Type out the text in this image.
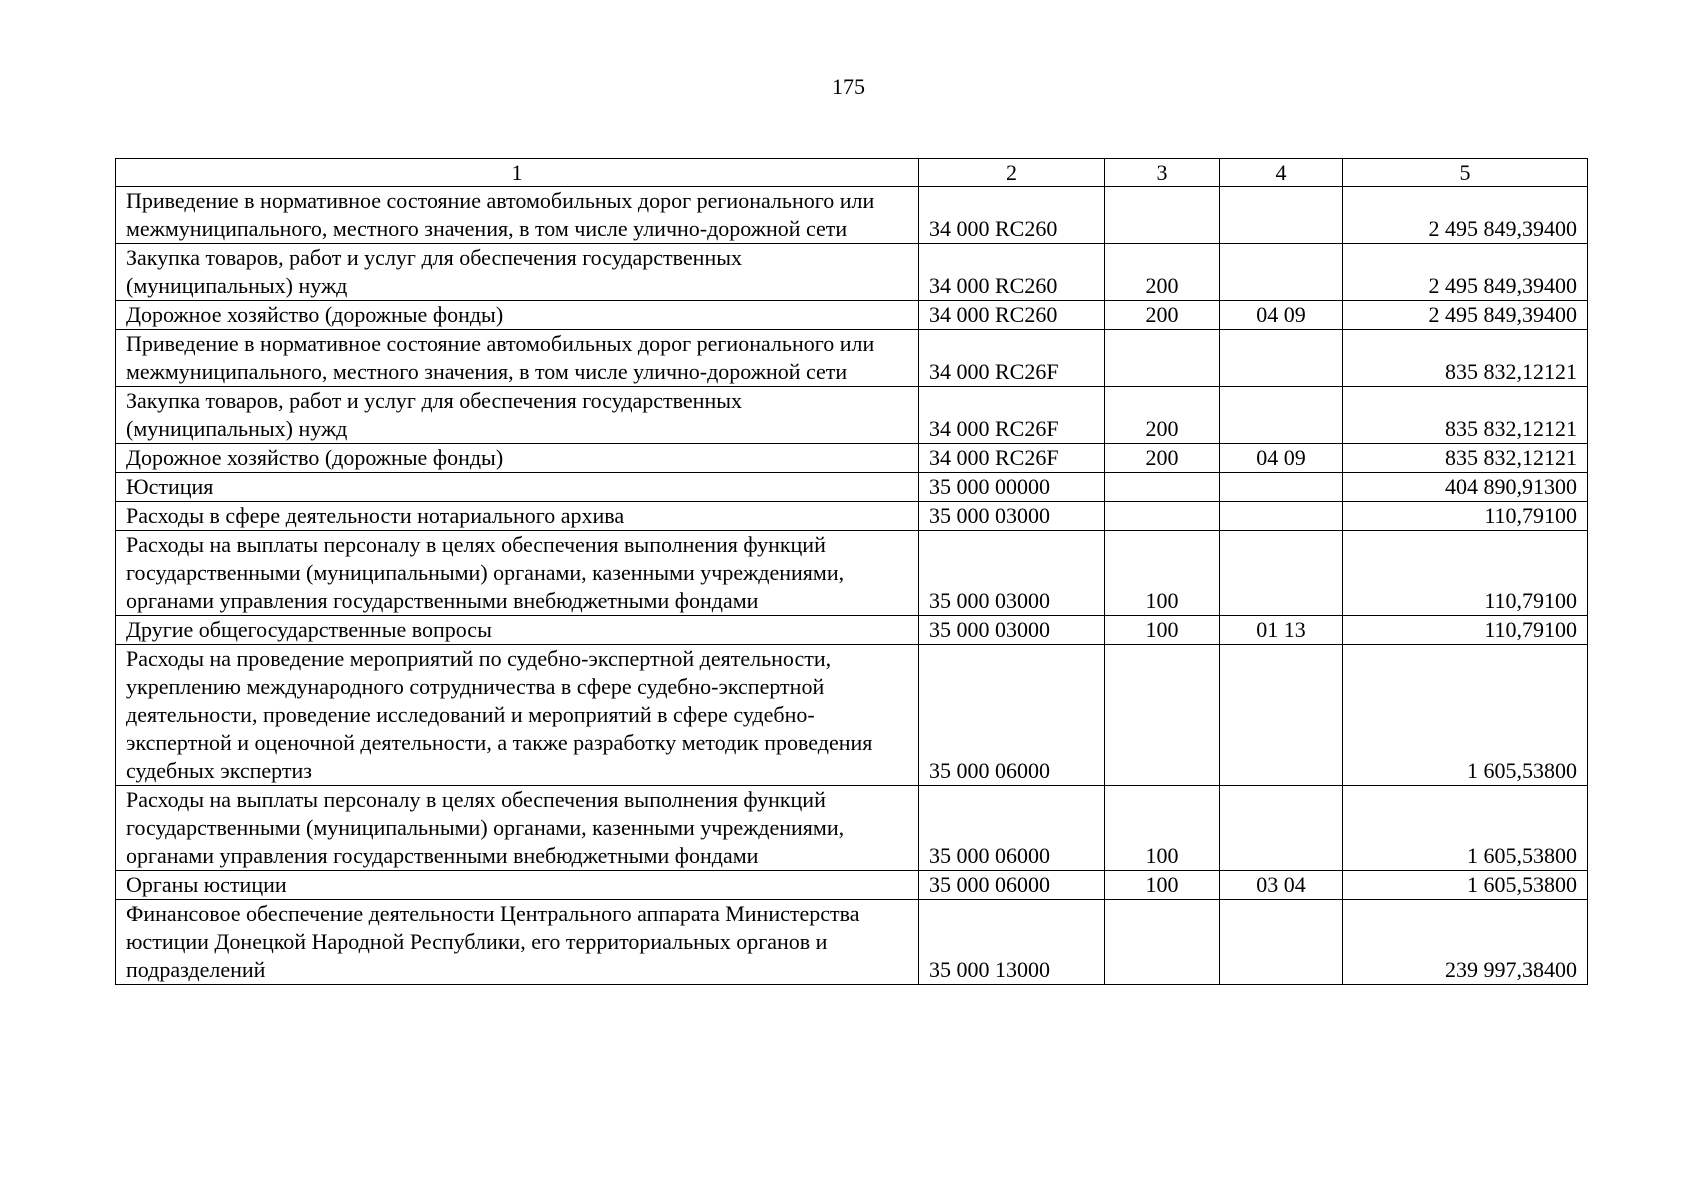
175
1	2	3	4	5
Приведение в нормативное состояние автомобильных дорог регионального или межмуниципального, местного значения, в том числе улично-дорожной сети	34 000 RC260			2 495 849,39400
Закупка товаров, работ и услуг для обеспечения государственных (муниципальных) нужд	34 000 RC260	200		2 495 849,39400
Дорожное хозяйство (дорожные фонды)	34 000 RC260	200	04 09	2 495 849,39400
Приведение в нормативное состояние автомобильных дорог регионального или межмуниципального, местного значения, в том числе улично-дорожной сети	34 000 RC26F			835 832,12121
Закупка товаров, работ и услуг для обеспечения государственных (муниципальных) нужд	34 000 RC26F	200		835 832,12121
Дорожное хозяйство (дорожные фонды)	34 000 RC26F	200	04 09	835 832,12121
Юстиция	35 000 00000			404 890,91300
Расходы в сфере деятельности нотариального архива	35 000 03000			110,79100
Расходы на выплаты персоналу в целях обеспечения выполнения функций государственными (муниципальными) органами, казенными учреждениями, органами управления государственными внебюджетными фондами	35 000 03000	100		110,79100
Другие общегосударственные вопросы	35 000 03000	100	01 13	110,79100
Расходы на проведение мероприятий по судебно-экспертной деятельности, укреплению международного сотрудничества в сфере судебно-экспертной деятельности, проведение исследований и мероприятий в сфере судебно-экспертной и оценочной деятельности, а также разработку методик проведения судебных экспертиз	35 000 06000			1 605,53800
Расходы на выплаты персоналу в целях обеспечения выполнения функций государственными (муниципальными) органами, казенными учреждениями, органами управления государственными внебюджетными фондами	35 000 06000	100		1 605,53800
Органы юстиции	35 000 06000	100	03 04	1 605,53800
Финансовое обеспечение деятельности Центрального аппарата Министерства юстиции Донецкой Народной Республики, его территориальных органов и подразделений	35 000 13000			239 997,38400
